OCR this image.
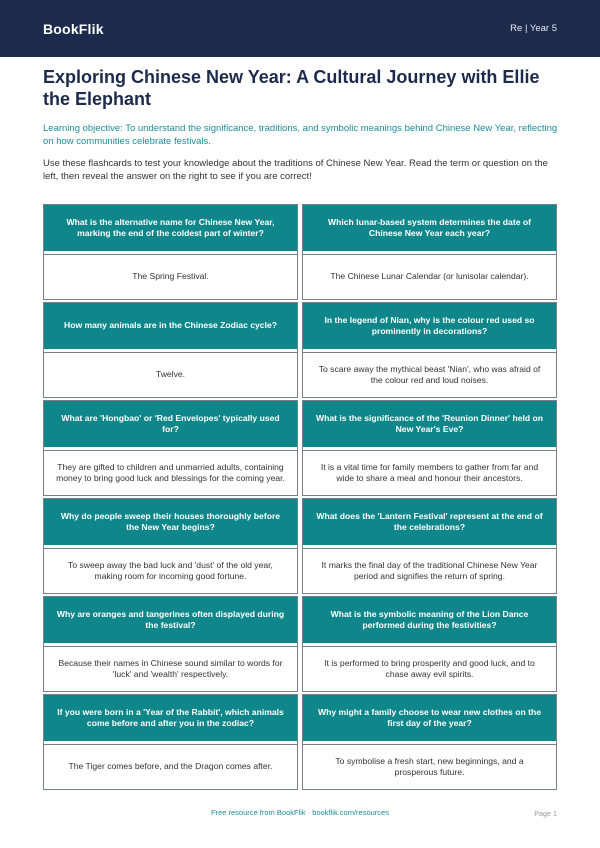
BookFlik	Re | Year 5
Exploring Chinese New Year: A Cultural Journey with Ellie the Elephant

Learning objective: To understand the significance, traditions, and symbolic meanings behind Chinese New Year, reflecting on how communities celebrate festivals.

Use these flashcards to test your knowledge about the traditions of Chinese New Year. Read the term or question on the left, then reveal the answer on the right to see if you are correct!

What is the alternative name for Chinese New Year, marking the end of the coldest part of winter?
The Spring Festival.
Which lunar-based system determines the date of Chinese New Year each year?
The Chinese Lunar Calendar (or lunisolar calendar).
How many animals are in the Chinese Zodiac cycle?
Twelve.
In the legend of Nian, why is the colour red used so prominently in decorations?
To scare away the mythical beast 'Nian', who was afraid of the colour red and loud noises.
What are 'Hongbao' or 'Red Envelopes' typically used for?
They are gifted to children and unmarried adults, containing money to bring good luck and blessings for the coming year.
What is the significance of the 'Reunion Dinner' held on New Year's Eve?
It is a vital time for family members to gather from far and wide to share a meal and honour their ancestors.
Why do people sweep their houses thoroughly before the New Year begins?
To sweep away the bad luck and 'dust' of the old year, making room for incoming good fortune.
What does the 'Lantern Festival' represent at the end of the celebrations?
It marks the final day of the traditional Chinese New Year period and signifies the return of spring.
Why are oranges and tangerines often displayed during the festival?
Because their names in Chinese sound similar to words for 'luck' and 'wealth' respectively.
What is the symbolic meaning of the Lion Dance performed during the festivities?
It is performed to bring prosperity and good luck, and to chase away evil spirits.
If you were born in a 'Year of the Rabbit', which animals come before and after you in the zodiac?
The Tiger comes before, and the Dragon comes after.
Why might a family choose to wear new clothes on the first day of the year?
To symbolise a fresh start, new beginnings, and a prosperous future.
Free resource from BookFlik · bookflik.com/resources	Page 1
